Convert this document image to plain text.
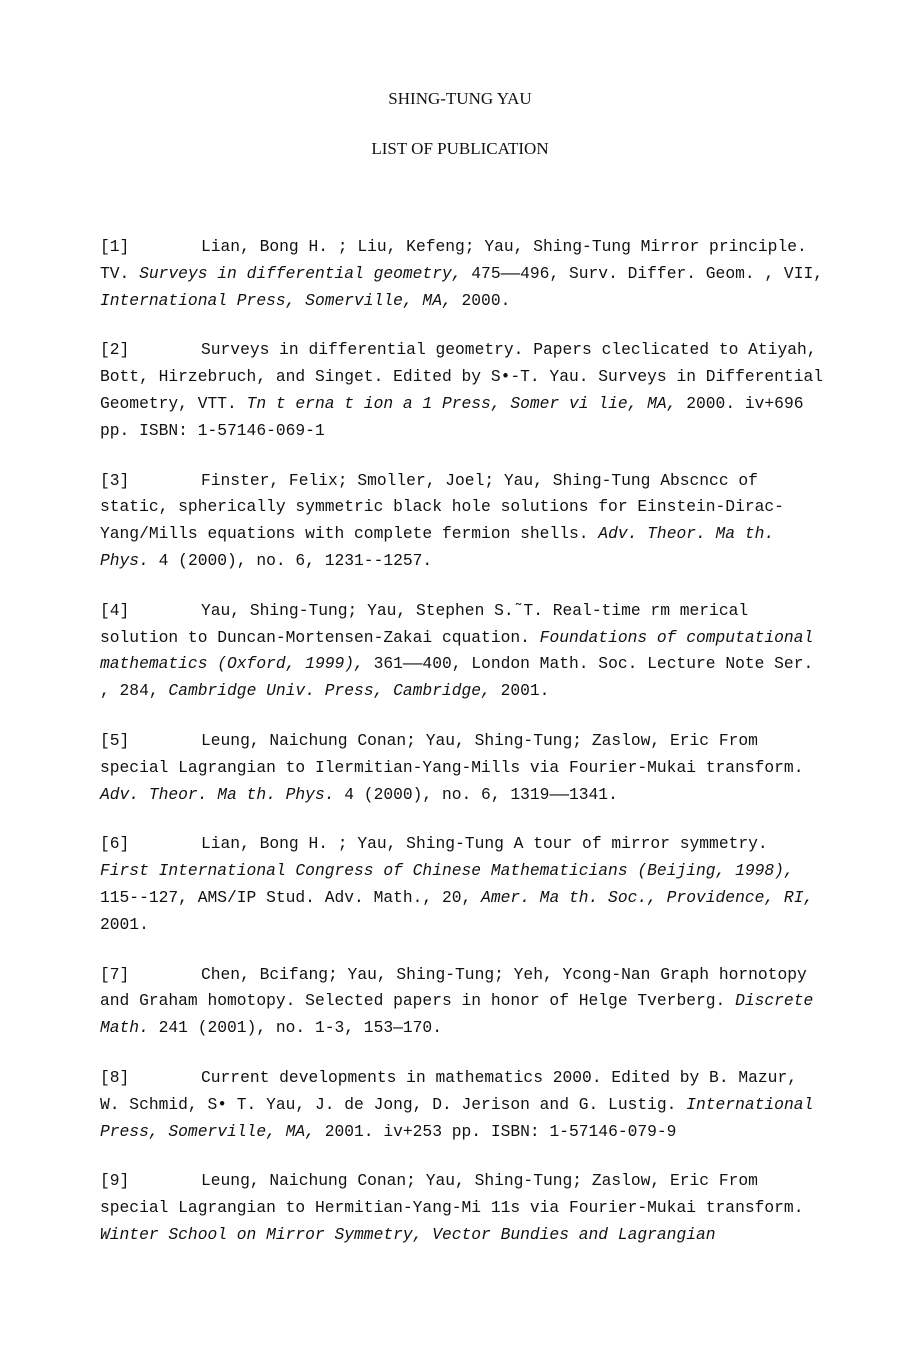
SHING-TUNG YAU
LIST OF PUBLICATION

[1]	Lian, Bong H. ; Liu, Kefeng; Yau, Shing-Tung Mirror principle. TV. Surveys in differential geometry, 475——496, Surv. Differ. Geom. , VII, International Press, Somerville, MA, 2000.

[2]	Surveys in differential geometry. Papers cleclicated to Atiyah, Bott, Hirzebruch, and Singet. Edited by S•-T. Yau. Surveys in Differential Geometry, VTT. Tn t erna t ion a 1 Press, Somer vi lie, MA, 2000. iv+696 pp. ISBN: 1-57146-069-1

[3]	Finster, Felix; Smoller, Joel; Yau, Shing-Tung Absсnсс of static, spherically symmetric black hole solutions for Einstein-Dirac-Yang/Mills equations with complete fermion shells. Adv. Theor. Ma th. Phys. 4 (2000), no. 6, 1231--1257.

[4]	Yau, Shing-Tung; Yau, Stephen S.˜T. Real-time rm merical solution to Duncan-Mortensen-Zakai cquation. Foundations of computational mathematics (Oxford, 1999), 361——400, London Math. Soc. Lecture Note Ser. , 284, Cambridge Univ. Press, Cambridge, 2001.

[5]	Leung, Naichung Conan; Yau, Shing-Tung; Zaslow, Eric From special Lagrangian to Ilermitian-Yang-Mills via Fourier-Mukai transform. Adv. Theor. Ma th. Phys. 4 (2000), no. 6, 1319——1341.

[6]	Lian, Bong H. ; Yau, Shing-Tung A tour of mirror symmetry. First International Congress of Chinese Mathematicians (Beijing, 1998), 115--127, AMS/IP Stud. Adv. Math., 20, Amer. Ma th. Soc., Providence, RI, 2001.

[7]	Chen, Bcifang; Yau, Shing-Tung; Yeh, Ycong-Nan Graph hornotopy and Graham homotopy. Selected papers in honor of Helge Tverberg. Discrete Math. 241 (2001), no. 1-3, 153—170.

[8]	Current developments in mathematics 2000. Edited by B. Mazur, W. Schmid, S• T. Yau, J. de Jong, D. Jerison and G. Lustig. International Press, Somerville, MA, 2001. iv+253 pp. ISBN: 1-57146-079-9

[9]	Leung, Naichung Conan; Yau, Shing-Tung; Zaslow, Eric From special Lagrangian to Hermitian-Yang-Mi 11s via Fourier-Mukai transform. Winter School on Mirror Symmetry, Vector Bundies and Lagrangian
